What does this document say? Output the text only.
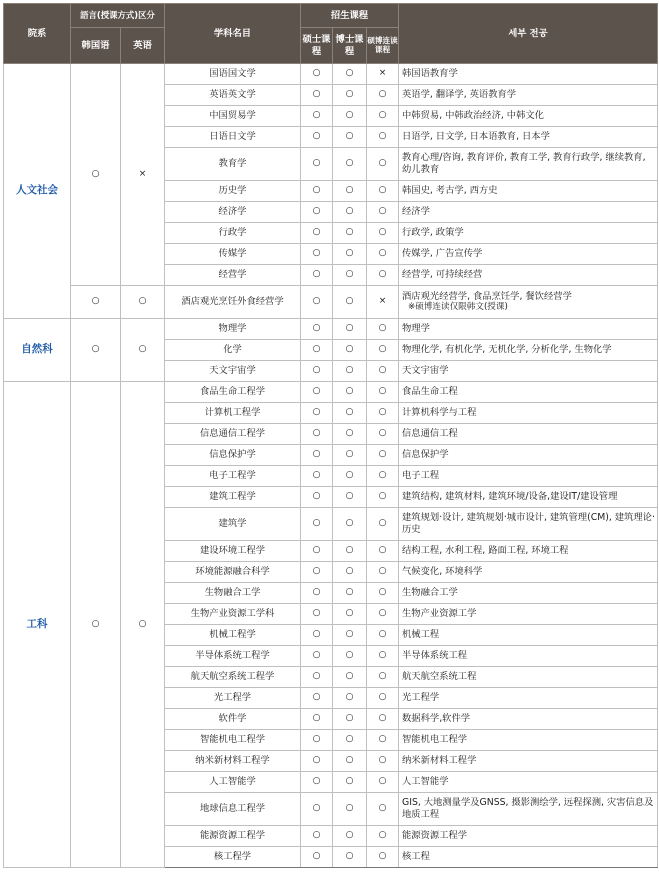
院系	語言(授课方式)区分		学科名目	招生课程			세부 전공
	韩国语	英语		硕士课程	博士课程	硕博连读课程	
人文社会	○	×	国语国文学	○	○	×	韩国语教育学
			英语英文学	○	○	○	英语学, 翻译学, 英语教育学
			中国贸易学	○	○	○	中韩贸易, 中韩政治经济, 中韩文化
			日语日文学	○	○	○	日语学, 日文学, 日本语教育, 日本学
			教育学	○	○	○	教育心理/咨询, 教育评价, 教育工学, 教育行政学, 继续教育, 幼儿教育
			历史学	○	○	○	韩国史, 考古学, 西方史
			经济学	○	○	○	经济学
			行政学	○	○	○	行政学, 政策学
			传媒学	○	○	○	传媒学, 广告宣传学
			经营学	○	○	○	经营学, 可持续经营
	○	○	酒店观光烹饪外食经营学	○	○	×	酒店观光经营学, 食品烹饪学, 餐饮经营学
※硕博连读仅限韩文(授课)

自然科	○	○	物理学	○	○	○	物理学
			化学	○	○	○	物理化学, 有机化学, 无机化学, 分析化学, 生物化学
			天文宇宙学	○	○	○	天文宇宙学
工科	○	○	食品生命工程学	○	○	○	食品生命工程
			计算机工程学	○	○	○	计算机科学与工程
			信息通信工程学	○	○	○	信息通信工程
			信息保护学	○	○	○	信息保护学
			电子工程学	○	○	○	电子工程
			建筑工程学	○	○	○	建筑结构, 建筑材料, 建筑环境/设备,建设IT/建设管理
			建筑学	○	○	○	建筑规划·设计, 建筑规划·城市设计, 建筑管理(CM), 建筑理论·历史
			建设环境工程学	○	○	○	结构工程, 水利工程, 路面工程, 环境工程
			环境能源融合科学	○	○	○	气候变化, 环境科学
			生物融合工学	○	○	○	生物融合工学
			生物产业资源工学科	○	○	○	生物产业资源工学
			机械工程学	○	○	○	机械工程
			半导体系统工程学	○	○	○	半导体系统工程
			航天航空系统工程学	○	○	○	航天航空系统工程
			光工程学	○	○	○	光工程学
			软件学	○	○	○	数据科学,软件学
			智能机电工程学	○	○	○	智能机电工程学
			纳米新材料工程学	○	○	○	纳米新材料工程学
			人工智能学	○	○	○	人工智能学
			地球信息工程学	○	○	○	GIS, 大地测量学及GNSS, 摄影测绘学, 远程探测, 灾害信息及地质工程
			能源资源工程学	○	○	○	能源资源工程学
			核工程学	○	○	○	核工程
